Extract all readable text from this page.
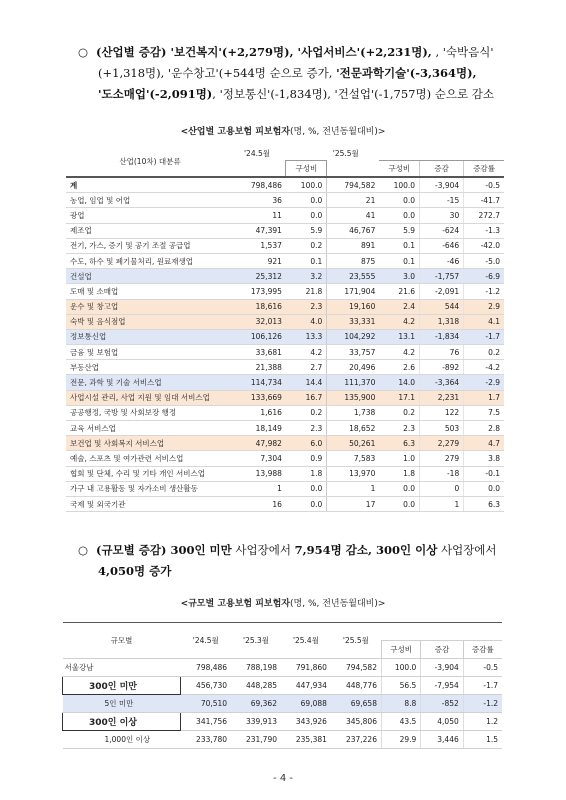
○ (산업별 증감) '보건복지'(+2,279명), '사업서비스'(+2,231명), , '숙박음식'
(+1,318명), '운수창고'(+544명 순으로 증가, '전문과학기술'(-3,364명),
'도소매업'(-2,091명), '정보통신'(-1,834명), '건설업'(-1,757명) 순으로 감소
<산업별 고용보험 피보험자(명, %, 전년동월대비)>
산업(10차) 대분류	'24.5월		'25.5월			
		구성비		구성비	증감	증감률
계	798,486	100.0	794,582	100.0	-3,904	-0.5
농업, 임업 및 어업	36	0.0	21	0.0	-15	-41.7
광업	11	0.0	41	0.0	30	272.7
제조업	47,391	5.9	46,767	5.9	-624	-1.3
전기, 가스, 증기 및 공기 조절 공급업	1,537	0.2	891	0.1	-646	-42.0
수도, 하수 및 폐기물처리, 원료재생업	921	0.1	875	0.1	-46	-5.0
건설업	25,312	3.2	23,555	3.0	-1,757	-6.9
도매 및 소매업	173,995	21.8	171,904	21.6	-2,091	-1.2
운수 및 창고업	18,616	2.3	19,160	2.4	544	2.9
숙박 및 음식점업	32,013	4.0	33,331	4.2	1,318	4.1
정보통신업	106,126	13.3	104,292	13.1	-1,834	-1.7
금융 및 보험업	33,681	4.2	33,757	4.2	76	0.2
부동산업	21,388	2.7	20,496	2.6	-892	-4.2
전문, 과학 및 기술 서비스업	114,734	14.4	111,370	14.0	-3,364	-2.9
사업시설 관리, 사업 지원 및 임대 서비스업	133,669	16.7	135,900	17.1	2,231	1.7
공공행정, 국방 및 사회보장 행정	1,616	0.2	1,738	0.2	122	7.5
교육 서비스업	18,149	2.3	18,652	2.3	503	2.8
보건업 및 사회복지 서비스업	47,982	6.0	50,261	6.3	2,279	4.7
예술, 스포츠 및 여가관련 서비스업	7,304	0.9	7,583	1.0	279	3.8
협회 및 단체, 수리 및 기타 개인 서비스업	13,988	1.8	13,970	1.8	-18	-0.1
가구 내 고용활동 및 자가소비 생산활동	1	0.0	1	0.0	0	0.0
국제 및 외국기관	16	0.0	17	0.0	1	6.3
○ (규모별 증감) 300인 미만 사업장에서 7,954명 감소, 300인 이상 사업장에서
4,050명 증가
<규모별 고용보험 피보험자(명, %, 전년동월대비)>
규모별	'24.5월	'25.3월	'25.4월	'25.5월			
					구성비	증감	증감률
서울강남	798,486	788,198	791,860	794,582	100.0	-3,904	-0.5
300인 미만	456,730	448,285	447,934	448,776	56.5	-7,954	-1.7
5인 미만	70,510	69,362	69,088	69,658	8.8	-852	-1.2
300인 이상	341,756	339,913	343,926	345,806	43.5	4,050	1.2
1,000인 이상	233,780	231,790	235,381	237,226	29.9	3,446	1.5
- 4 -
